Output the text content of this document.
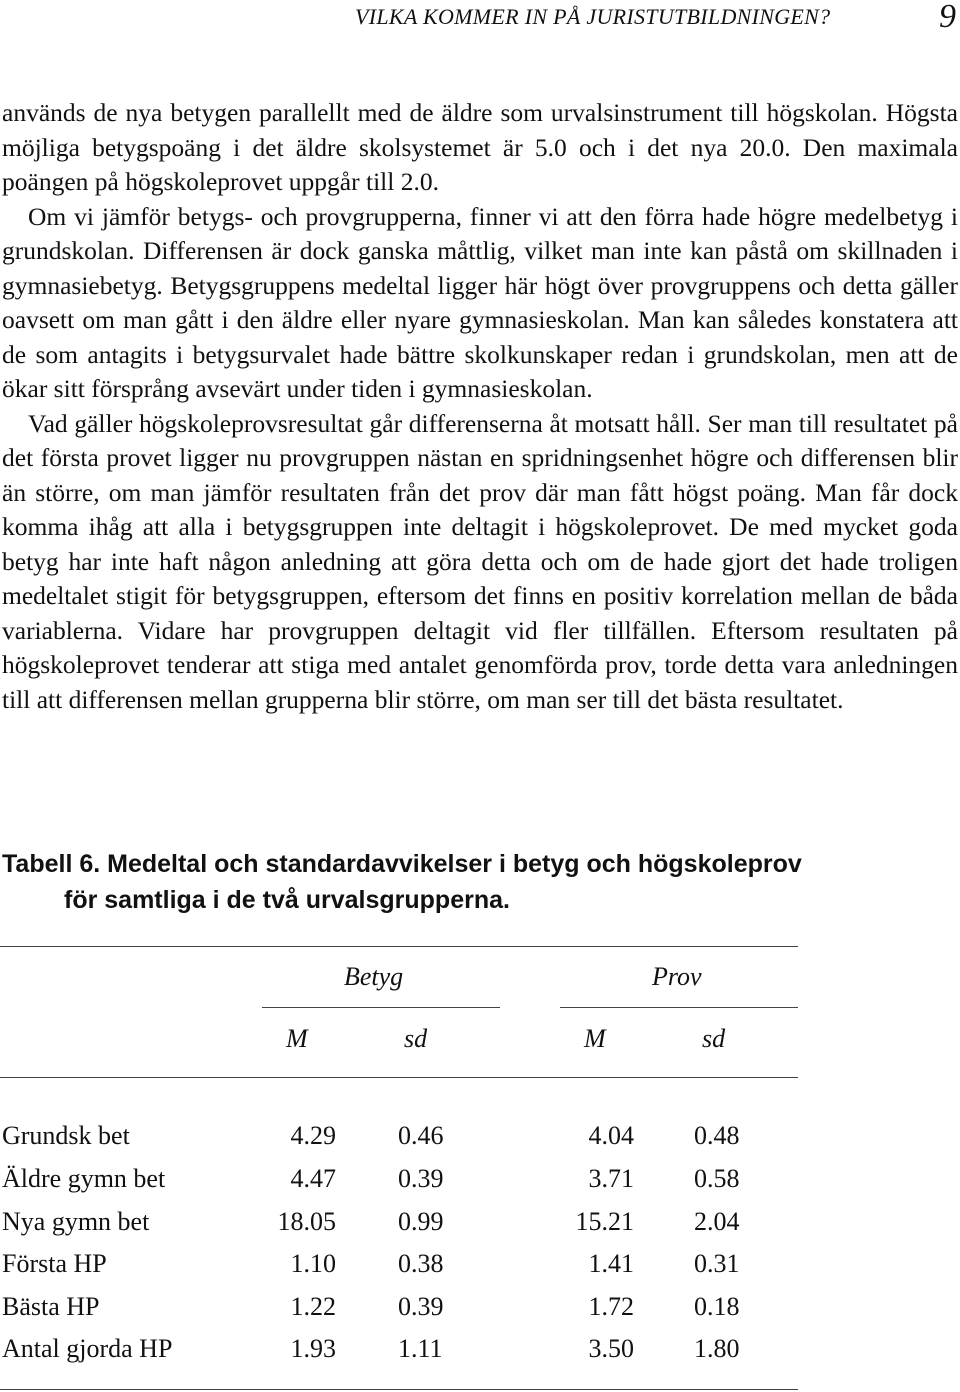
VILKA KOMMER IN PÅ JURISTUTBILDNINGEN?	9

används de nya betygen parallellt med de äldre som urvalsinstrument till högskolan. Högsta möjliga betygspoäng i det äldre skolsystemet är 5.0 och i det nya 20.0. Den maximala poängen på högskoleprovet uppgår till 2.0.

Om vi jämför betygs- och provgrupperna, finner vi att den förra hade högre medelbetyg i grundskolan. Differensen är dock ganska måttlig, vilket man inte kan påstå om skillnaden i gymnasiebetyg. Betygsgruppens medeltal ligger här högt över provgruppens och detta gäller oavsett om man gått i den äldre eller nyare gymnasieskolan. Man kan således konstatera att de som antagits i betygsurvalet hade bättre skolkunskaper redan i grundskolan, men att de ökar sitt försprång avsevärt under tiden i gymnasieskolan.

Vad gäller högskoleprovsresultat går differenserna åt motsatt håll. Ser man till resultatet på det första provet ligger nu provgruppen nästan en spridningsenhet högre och differensen blir än större, om man jämför resultaten från det prov där man fått högst poäng. Man får dock komma ihåg att alla i betygsgruppen inte deltagit i högskoleprovet. De med mycket goda betyg har inte haft någon anledning att göra detta och om de hade gjort det hade troligen medeltalet stigit för betygsgruppen, eftersom det finns en positiv korrelation mellan de båda variablerna. Vidare har provgruppen deltagit vid fler tillfällen. Eftersom resultaten på högskoleprovet tenderar att stiga med antalet genomförda prov, torde detta vara anledningen till att differensen mellan grupperna blir större, om man ser till det bästa resultatet.

Tabell 6. Medeltal och standardavvikelser i betyg och högskoleprov
för samtliga i de två urvalsgrupperna.
Betyg	Prov
M	sd	M	sd
Grundsk bet	4.29 0.46	4.04 0.48
Äldre gymn bet	4.47 0.39	3.71 0.58
Nya gymn bet	18.05 0.99	15.21 2.04
Första HP	1.10 0.38	1.41 0.31
Bästa HP	1.22 0.39	1.72 0.18
Antal gjorda HP	1.93 1.11	3.50 1.80
